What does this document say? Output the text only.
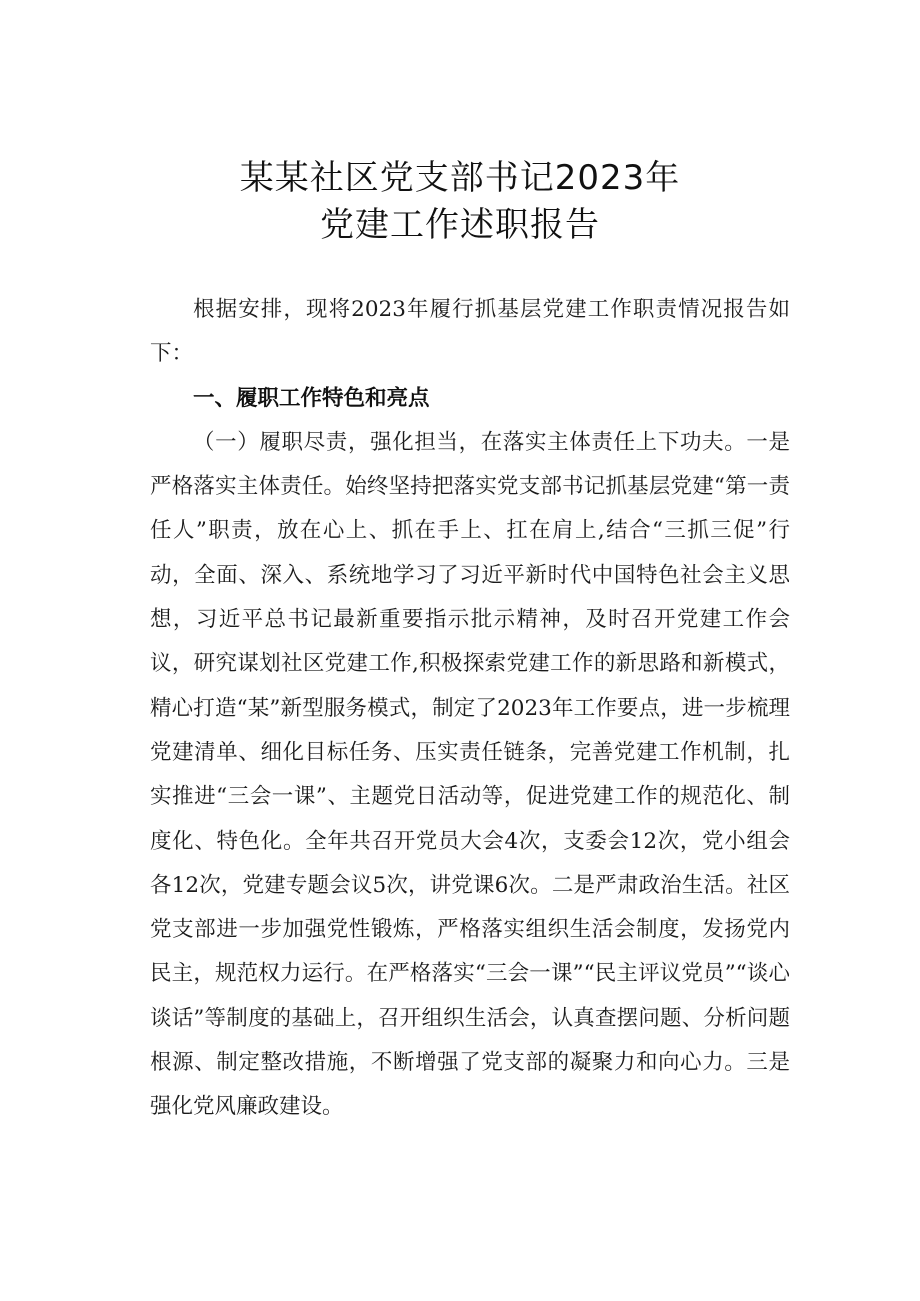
某某社区党支部书记2023年
党建工作述职报告

根据安排，现将2023年履行抓基层党建工作职责情况报告如下：

一、履职工作特色和亮点

（一）履职尽责，强化担当，在落实主体责任上下功夫。一是严格落实主体责任。始终坚持把落实党支部书记抓基层党建“第一责任人”职责，放在心上、抓在手上、扛在肩上,结合“三抓三促”行动，全面、深入、系统地学习了习近平新时代中国特色社会主义思想，习近平总书记最新重要指示批示精神，及时召开党建工作会议，研究谋划社区党建工作,积极探索党建工作的新思路和新模式，精心打造“某”新型服务模式，制定了2023年工作要点，进一步梳理党建清单、细化目标任务、压实责任链条，完善党建工作机制，扎实推进“三会一课”、主题党日活动等，促进党建工作的规范化、制度化、特色化。全年共召开党员大会4次，支委会12次，党小组会各12次，党建专题会议5次，讲党课6次。二是严肃政治生活。社区党支部进一步加强党性锻炼，严格落实组织生活会制度，发扬党内民主，规范权力运行。在严格落实“三会一课”“民主评议党员”“谈心谈话”等制度的基础上，召开组织生活会，认真查摆问题、分析问题根源、制定整改措施，不断增强了党支部的凝聚力和向心力。三是强化党风廉政建设。
